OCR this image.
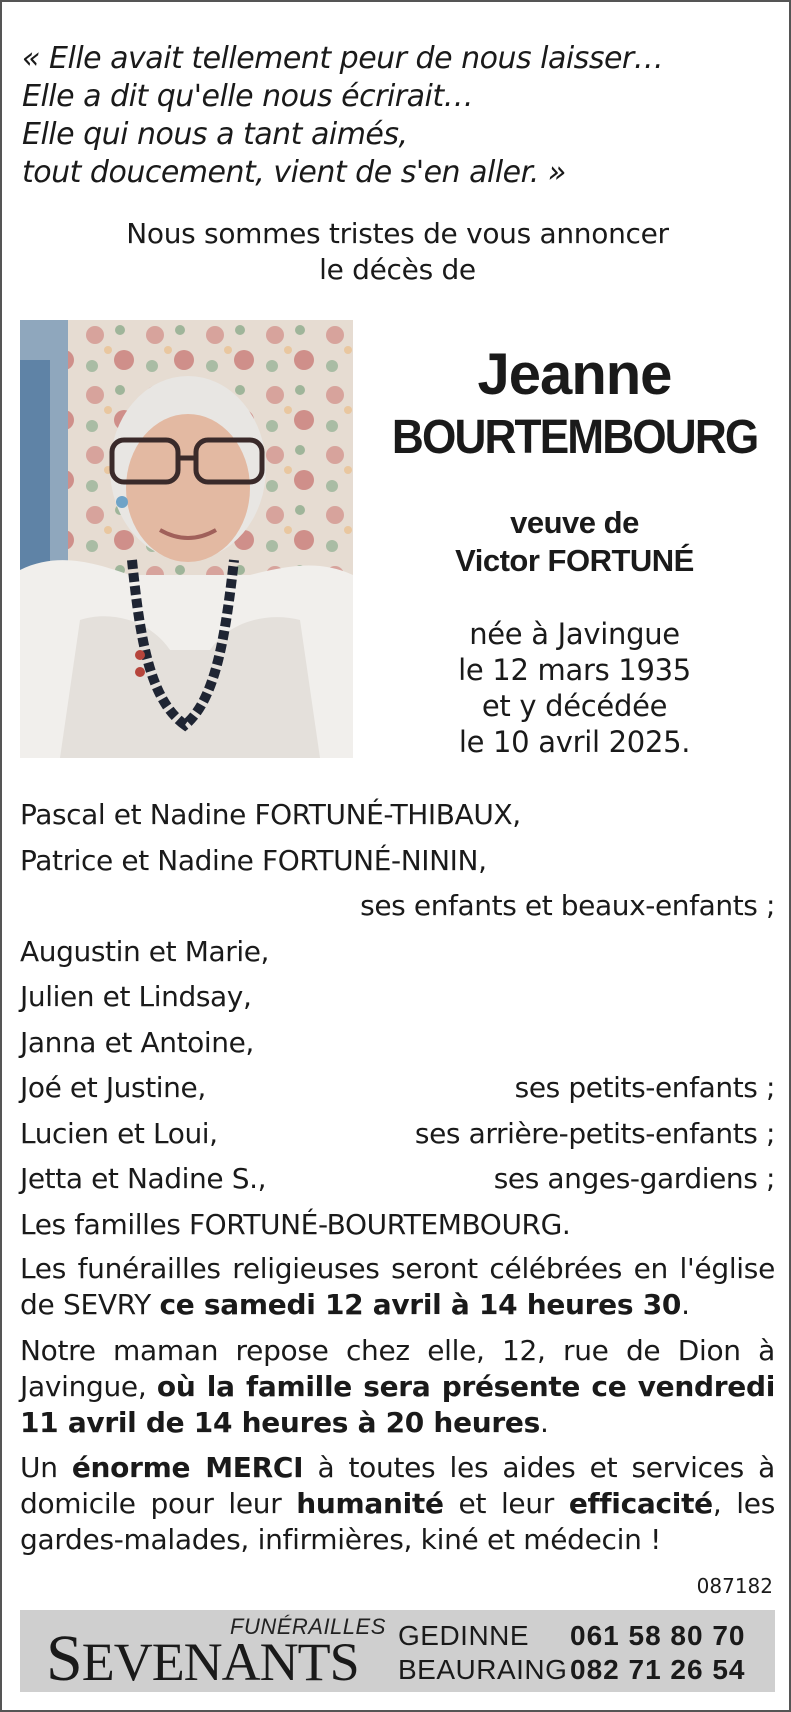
« Elle avait tellement peur de nous laisser…
Elle a dit qu'elle nous écrirait…
Elle qui nous a tant aimés,
tout doucement, vient de s'en aller. »
Nous sommes tristes de vous annoncer
le décès de
Jeanne
BOURTEMBOURG
veuve de
Victor FORTUNÉ
née à Javingue
le 12 mars 1935
et y décédée
le 10 avril 2025.
Pascal et Nadine FORTUNÉ-THIBAUX,
Patrice et Nadine FORTUNÉ-NININ,
ses enfants et beaux-enfants ;
Augustin et Marie,
Julien et Lindsay,
Janna et Antoine,
Joé et Justine,	ses petits-enfants ;
Lucien et Loui,	ses arrière-petits-enfants ;
Jetta et Nadine S.,	ses anges-gardiens ;
Les familles FORTUNÉ-BOURTEMBOURG.
Les funérailles religieuses seront célébrées en l'église de SEVRY ce samedi 12 avril à 14 heures 30.
Notre maman repose chez elle, 12, rue de Dion à Javingue, où la famille sera présente ce vendredi 11 avril de 14 heures à 20 heures.
Un énorme MERCI à toutes les aides et services à domicile pour leur humanité et leur efficacité, les gardes-malades, infirmières, kiné et médecin !
087182
FUNÉRAILLES
SEVENANTS GEDINNE 061 58 80 70
BEAURAING082 71 26 54
